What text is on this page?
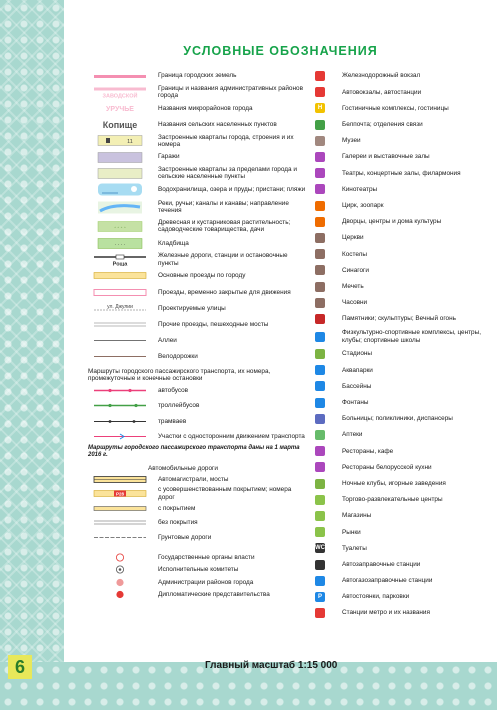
УСЛОВНЫЕ ОБОЗНАЧЕНИЯ
Граница городских земель
ЗАВОДСКОЙ
Границы и названия административных районов города
УРУЧЬЕ	Названия микрорайонов города
Копище	Названия сельских населенных пунктов
11
Застроенные кварталы города, строения и их номера
Гаражи
Застроенные кварталы за пределами города и сельские населенные пункты
Водохранилища, озера и пруды; пристани; пляжи
Реки, ручьи; каналы и канавы; направление течения
◦ ◦ ◦ ◦
Древесная и кустарниковая растительность; садоводческие товарищества, дачи
· · · ·	Кладбища
Роща
Железные дороги, станции и остановочные пункты
Основные проезды по городу
Проезды, временно закрытые для движения
ул. Джулии	Проектируемые улицы
Прочие проезды, пешеходные мосты
Аллеи
Велодорожки
Маршруты городского пассажирского транспорта, их номера, промежуточные и конечные остановки
автобусов
троллейбусов
трамваев
Участки с односторонним движением транспорта
Маршруты городского пассажирского транспорта даны на 1 марта 2016 г.
Автомобильные дороги
Автомагистрали, мосты
Р28
с усовершенствованным покрытием; номера дорог
с покрытием
без покрытия
Грунтовые дороги
Государственные органы власти
Исполнительные комитеты
Администрации районов города
Дипломатические представительства
Железнодорожный вокзал
Автовокзалы, автостанции
H	Гостиничные комплексы, гостиницы
Белпочта; отделения связи
Музеи
Галереи и выставочные залы
Театры, концертные залы, филармония
Кинотеатры
Цирк, зоопарк
Дворцы, центры и дома культуры
Церкви
Костелы
Синагоги
Мечеть
Часовни
Памятники; скульптуры; Вечный огонь
Физкультурно-спортивные комплексы, центры, клубы; спортивные школы
Стадионы
Аквапарки
Бассейны
Фонтаны
Больницы; поликлиники, диспансеры
Аптеки
Рестораны, кафе
Рестораны белорусской кухни
Ночные клубы, игорные заведения
Торгово-развлекательные центры
Магазины
Рынки
WC	Туалеты
Автозаправочные станции
Автогазозаправочные станции
P	Автостоянки, парковки
Станции метро и их названия
6	Главный масштаб 1:15 000
